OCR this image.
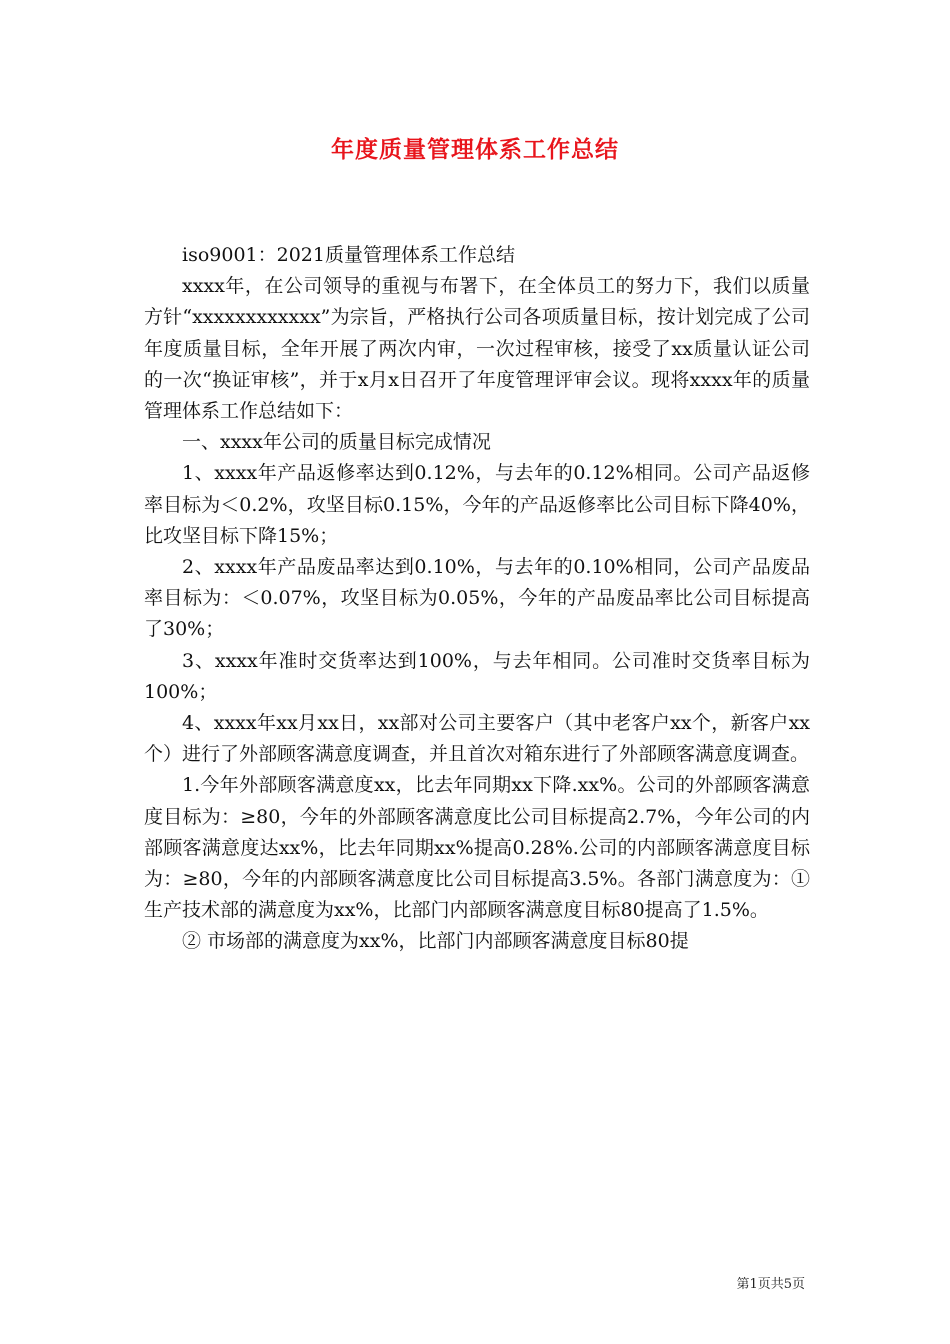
年度质量管理体系工作总结

iso9001：2021质量管理体系工作总结

xxxx年，在公司领导的重视与布署下，在全体员工的努力下，我们以质量方针“xxxxxxxxxxxx”为宗旨，严格执行公司各项质量目标，按计划完成了公司年度质量目标，全年开展了两次内审，一次过程审核，接受了xx质量认证公司的一次“换证审核”，并于x月x日召开了年度管理评审会议。现将xxxx年的质量管理体系工作总结如下：

一、xxxx年公司的质量目标完成情况

1、xxxx年产品返修率达到0.12%，与去年的0.12%相同。公司产品返修率目标为＜0.2%，攻坚目标0.15%，今年的产品返修率比公司目标下降40%，比攻坚目标下降15%；

2、xxxx年产品废品率达到0.10%，与去年的0.10%相同，公司产品废品率目标为：＜0.07%，攻坚目标为0.05%，今年的产品废品率比公司目标提高了30%；

3、xxxx年准时交货率达到100%，与去年相同。公司准时交货率目标为100%；

4、xxxx年xx月xx日，xx部对公司主要客户（其中老客户xx个，新客户xx个）进行了外部顾客满意度调查，并且首次对箱东进行了外部顾客满意度调查。

1.今年外部顾客满意度xx，比去年同期xx下降.xx%。公司的外部顾客满意度目标为：≥80，今年的外部顾客满意度比公司目标提高2.7%，今年公司的内部顾客满意度达xx%，比去年同期xx%提高0.28%.公司的内部顾客满意度目标为：≥80，今年的内部顾客满意度比公司目标提高3.5%。各部门满意度为：①生产技术部的满意度为xx%，比部门内部顾客满意度目标80提高了1.5%。

② 市场部的满意度为xx%，比部门内部顾客满意度目标80提

第1页共5页
